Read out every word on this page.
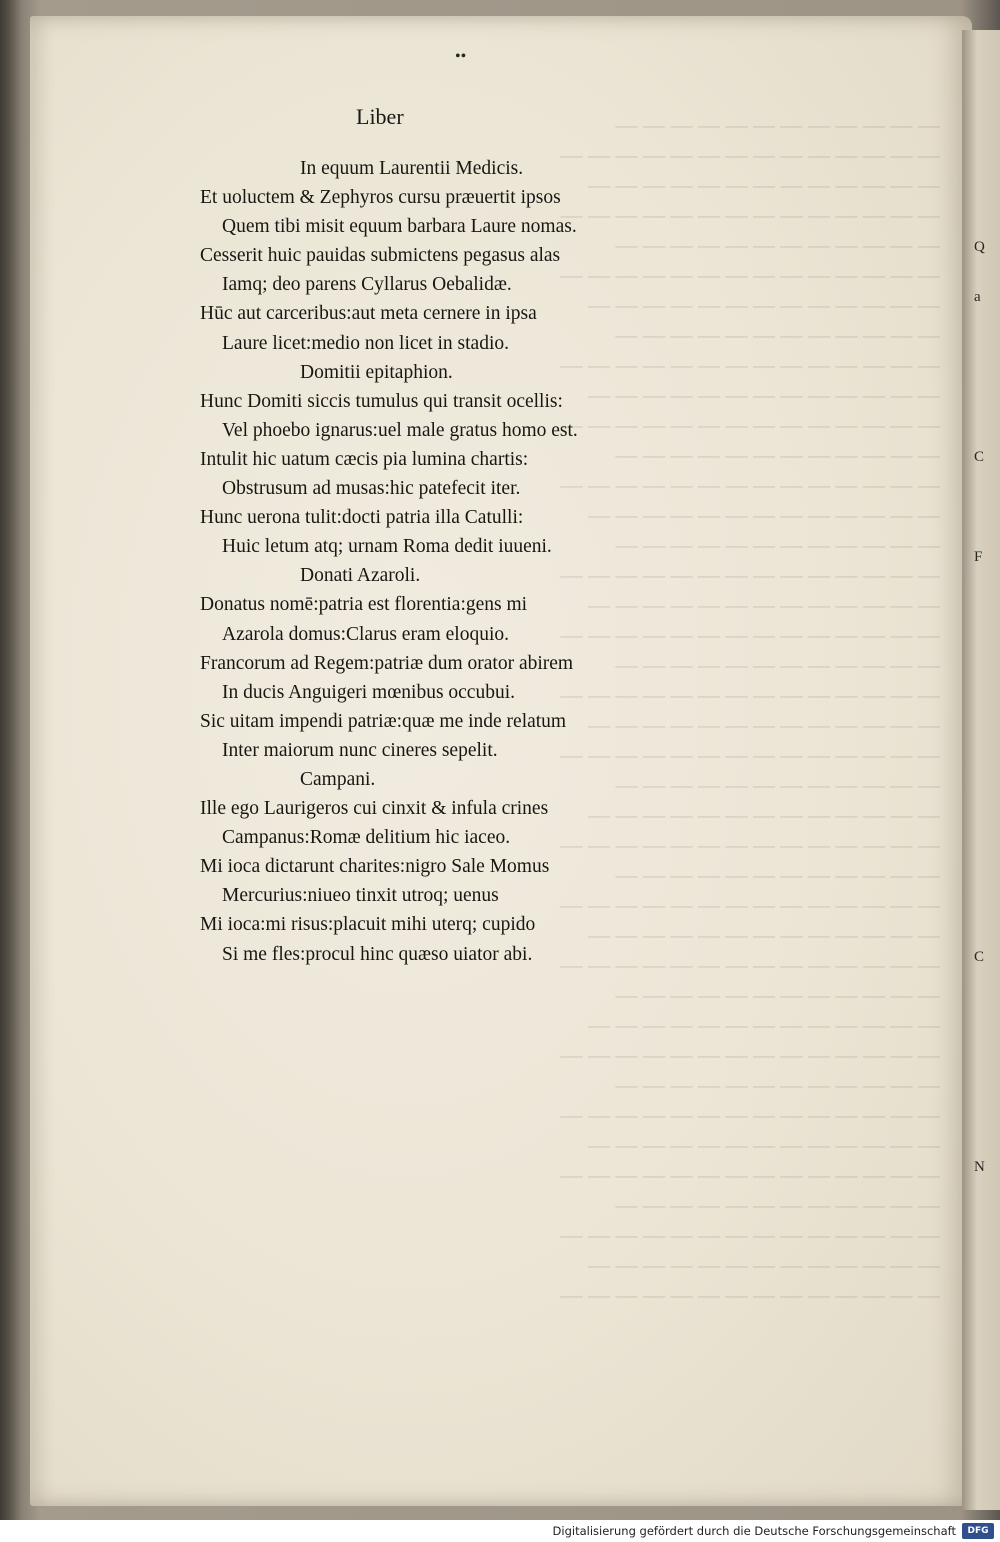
Q
a
C
F
C
N
— — — — — — — — — — — —
— — — — — — — — — — — — — —
— — — — — — — — — — — — —
— — — — — — — — — — — — — —
— — — — — — — — — — — —
— — — — — — — — — — — — — —
— — — — — — — — — — — — —
— — — — — — — — — — — —
— — — — — — — — — — — — — —
— — — — — — — — — — — — —
— — — — — — — — — — — — — —
— — — — — — — — — — — —
— — — — — — — — — — — — — —
— — — — — — — — — — — — —
— — — — — — — — — — — —
— — — — — — — — — — — — — —
— — — — — — — — — — — — —
— — — — — — — — — — — — — —
— — — — — — — — — — — —
— — — — — — — — — — — — — —
— — — — — — — — — — — — —
— — — — — — — — — — — — — —
— — — — — — — — — — — —
— — — — — — — — — — — — —
— — — — — — — — — — — — — —
— — — — — — — — — — — —
— — — — — — — — — — — — — —
— — — — — — — — — — — — —
— — — — — — — — — — — — — —
— — — — — — — — — — — —
— — — — — — — — — — — — —
— — — — — — — — — — — — — —
— — — — — — — — — — — —
— — — — — — — — — — — — — —
— — — — — — — — — — — — —
— — — — — — — — — — — — — —
— — — — — — — — — — — —
— — — — — — — — — — — — — —
— — — — — — — — — — — — —
— — — — — — — — — — — — — —
••
Liber
In equum Laurentii Medicis.
Et uoluctem & Zephyros cursu præuertit ipsos
Quem tibi misit equum barbara Laure nomas.
Cesserit huic pauidas submictens pegasus alas
Iamq; deo parens Cyllarus Oebalidæ.
Hūc aut carceribus:aut meta cernere in ipsa
Laure licet:medio non licet in stadio.
Domitii epitaphion.
Hunc Domiti siccis tumulus qui transit ocellis:
Vel phoebo ignarus:uel male gratus homo est.
Intulit hic uatum cæcis pia lumina chartis:
Obstrusum ad musas:hic patefecit iter.
Hunc uerona tulit:docti patria illa Catulli:
Huic letum atq; urnam Roma dedit iuueni.
Donati Azaroli.
Donatus nomē:patria est florentia:gens mi
Azarola domus:Clarus eram eloquio.
Francorum ad Regem:patriæ dum orator abirem
In ducis Anguigeri mœnibus occubui.
Sic uitam impendi patriæ:quæ me inde relatum
Inter maiorum nunc cineres sepelit.
Campani.
Ille ego Laurigeros cui cinxit & infula crines
Campanus:Romæ delitium hic iaceo.
Mi ioca dictarunt charites:nigro Sale Momus
Mercurius:niueo tinxit utroq; uenus
Mi ioca:mi risus:placuit mihi uterq; cupido
Si me fles:procul hinc quæso uiator abi.
Digitalisierung gefördert durch die Deutsche Forschungsgemeinschaft	DFG
